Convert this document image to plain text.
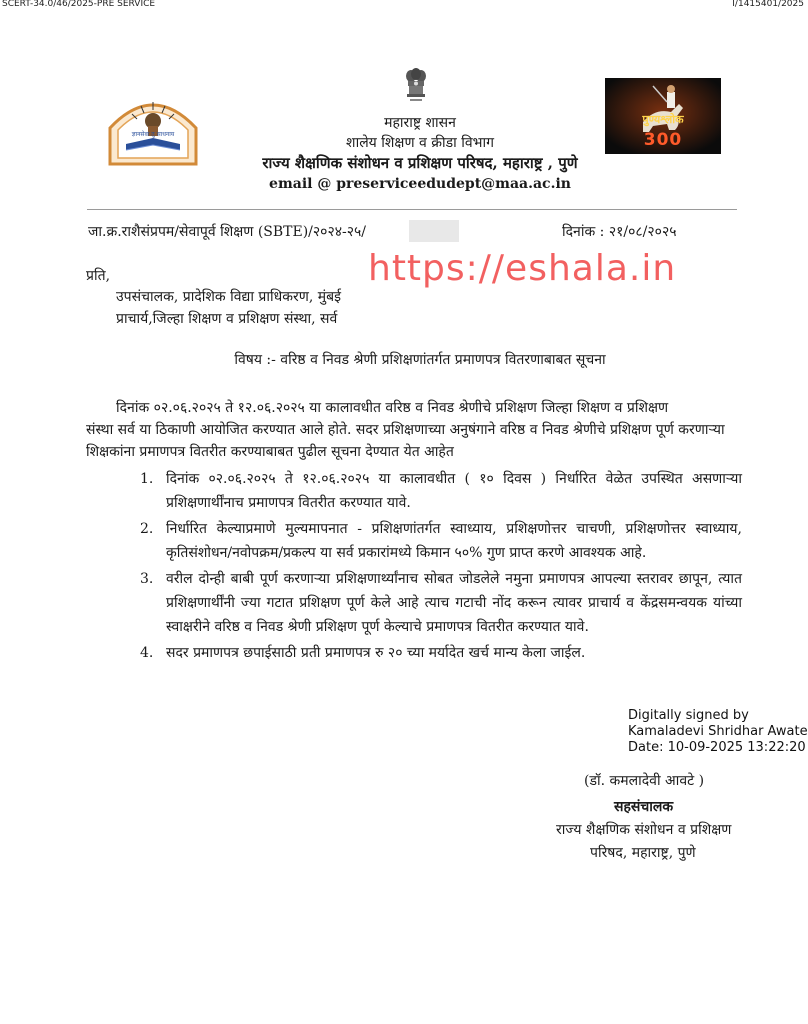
SCERT-34.0/46/2025-PRE SERVICE	I/1415401/2025
ज्ञानसेवा तु साधनाय
पुण्यश्लोक
300
महाराष्ट्र शासन
शालेय शिक्षण व क्रीडा विभाग
राज्य शैक्षणिक संशोधन व प्रशिक्षण परिषद, महाराष्ट्र , पुणे
email @ preserviceedudept@maa.ac.in
जा.क्र.राशैसंप्रपम/सेवापूर्व शिक्षण (SBTE)/२०२४-२५/	दिनांक : २१/०८/२०२५
https://eshala.in
प्रति,
उपसंचालक, प्रादेशिक विद्या प्राधिकरण, मुंबई
प्राचार्य,जिल्हा शिक्षण व प्रशिक्षण संस्था, सर्व
विषय :- वरिष्ठ व निवड श्रेणी प्रशिक्षणांतर्गत प्रमाणपत्र वितरणाबाबत सूचना
दिनांक ०२.०६.२०२५ ते १२.०६.२०२५ या कालावधीत वरिष्ठ व निवड श्रेणीचे प्रशिक्षण जिल्हा शिक्षण व प्रशिक्षण
संस्था सर्व या ठिकाणी आयोजित करण्यात आले होते. सदर प्रशिक्षणाच्या अनुषंगाने वरिष्ठ व निवड श्रेणीचे प्रशिक्षण पूर्ण करणाऱ्या
शिक्षकांना प्रमाणपत्र वितरीत करण्याबाबत पुढील सूचना देण्यात येत आहेत
1. दिनांक ०२.०६.२०२५ ते १२.०६.२०२५ या कालावधीत ( १० दिवस ) निर्धारित वेळेत उपस्थित असणाऱ्या प्रशिक्षणार्थींनाच प्रमाणपत्र वितरीत करण्यात यावे.
2. निर्धारित केल्याप्रमाणे मुल्यमापनात - प्रशिक्षणांतर्गत स्वाध्याय, प्रशिक्षणोत्तर चाचणी, प्रशिक्षणोत्तर स्वाध्याय, कृतिसंशोधन/नवोपक्रम/प्रकल्प या सर्व प्रकारांमध्ये किमान ५०% गुण प्राप्त करणे आवश्यक आहे.
3. वरील दोन्ही बाबी पूर्ण करणाऱ्या प्रशिक्षणार्थ्यांनाच सोबत जोडलेले नमुना प्रमाणपत्र आपल्या स्तरावर छापून, त्यात प्रशिक्षणार्थींनी ज्या गटात प्रशिक्षण पूर्ण केले आहे त्याच गटाची नोंद करून त्यावर प्राचार्य व केंद्रसमन्वयक यांच्या स्वाक्षरीने वरिष्ठ व निवड श्रेणी प्रशिक्षण पूर्ण केल्याचे प्रमाणपत्र वितरीत करण्यात यावे.
4. सदर प्रमाणपत्र छपाईसाठी प्रती प्रमाणपत्र रु २० च्या मर्यादेत खर्च मान्य केला जाईल.
Digitally signed by
Kamaladevi Shridhar Awate
Date: 10-09-2025 13:22:20
(डॉ. कमलादेवी आवटे )
सहसंचालक
राज्य शैक्षणिक संशोधन व प्रशिक्षण
परिषद, महाराष्ट्र, पुणे
